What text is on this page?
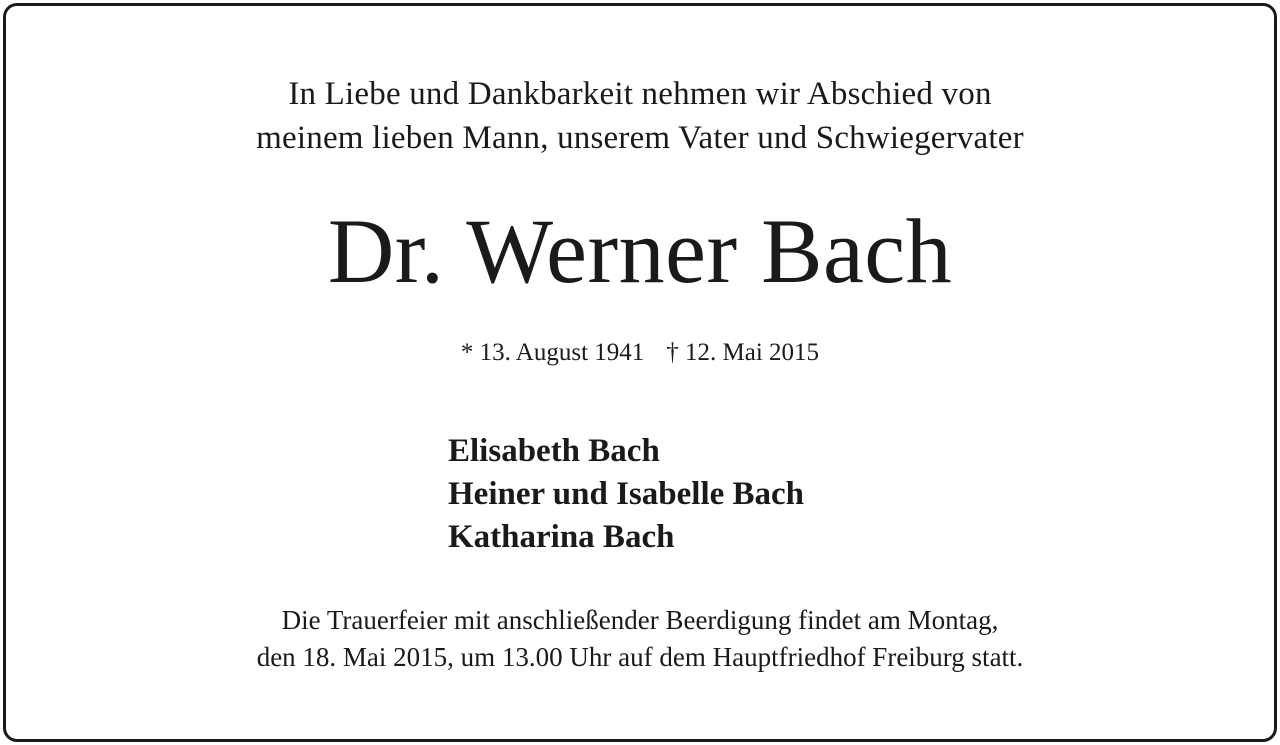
In Liebe und Dankbarkeit nehmen wir Abschied von
meinem lieben Mann, unserem Vater und Schwiegervater
Dr. Werner Bach
* 13. August 1941 † 12. Mai 2015
Elisabeth Bach
Heiner und Isabelle Bach
Katharina Bach
Die Trauerfeier mit anschließender Beerdigung findet am Montag,
den 18. Mai 2015, um 13.00 Uhr auf dem Hauptfriedhof Freiburg statt.
